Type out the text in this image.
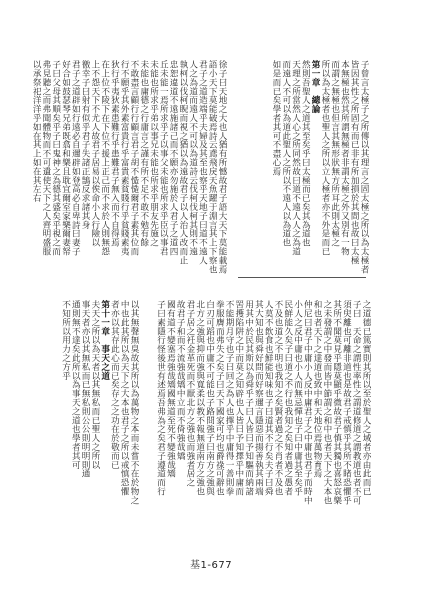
子曾言太極子之所傳以其理言之固太極之所以為太極者
皆因其性之所固有而已非有所加損於其間也故曰太極
本無極也然其所謂無極者非謂太極之外又別有一物
而謂之無極也但言其無形狀無方所耳此則太極之
所以為太極者也聖人之所以立人極者亦不外是而已
第一章　總論
然則吾聖人之道其至矣乎曰太極而已矣其為道也
天理之所當然人心之所同然故曰道不遠人人之為道
而遠人不可以為道此聖人之所以不遠人以為道也
如是而已矣學者其可不盡心焉
徐子曰天地之大也人猶有所憾故君子語大天下莫能載焉
語小天下莫能破焉詩云鳶飛戾天魚躍于淵言其上下察也
君子之道造端乎夫婦及其至也察乎天地子曰道不遠人
人之為道而遠人不可以為道詩云伐柯伐柯其則不遠
執柯以伐柯睨而視之猶以為遠故君子以人治人改而止
忠恕違道不遠施諸己而不願亦勿施於人君子之道四
丘未能一焉所求乎子以事父未能也所求乎臣以事君
未能也所求乎弟以事兄未能也所求乎朋友先施之
未能也庸德之行庸言之謹有所不足不敢不勉有餘
不敢盡言顧行行顧言君子胡不慥慥爾君子素其位而
行不願乎其外素富貴行乎富貴素貧賤行乎貧賤素夷
狄行乎夷狄素患難行乎患難君子無入而不自得焉
在上位不陵下在下位不援上正己而不求於人則無怨
上不怨天下不尤人故君子居易以俟命小人行險以
徼幸子曰射有似乎君子失諸正鵠反求諸其身
君子之道辟如行遠必自邇辟如登高必自卑詩曰妻子
好合如鼓瑟琴兄弟既翕和樂且耽宜爾室家樂爾妻帑
子曰父母其順矣乎子曰鬼神之為德其盛矣乎視之而
弗見聽之而弗聞體物而不可遺使天下之人齊明盛服
以承祭祀洋洋乎如在其上如在其左右
之道德已篤實則其所以至於聖人之域者亦由此而已
子曰　天命之謂性率性之謂道修道之謂教道也者不可
須臾離也可離非道也是故君子戒慎乎其所不睹恐懼乎
其所不聞莫見乎隱莫顯乎微故君子慎其獨也喜怒哀樂
之未發謂之中發而皆中節謂之和中也者天下之大本也
和也者天下之達道也致中和天地位焉萬物育焉
仲尼曰君子中庸小人反中庸君子之中庸也君子而時中
小人之反中庸也小人而無忌憚也子曰中庸其至矣乎
民鮮能久矣子曰道之不行也我知之矣知者過之愚者
不及也道之不明也我知之矣賢者過之不肖者不及也
人莫不飲食也鮮能知味也子曰道其不行矣夫子曰舜
其大知也與舜好問而好察邇言隱惡而揚善執其兩端
用其中於民其斯以為舜乎子曰人皆曰予知驅而納諸
罟擭陷阱之中而莫之知辟也人皆曰予知擇乎中庸而
不能期月守也子曰回之為人也擇乎中庸得一善則拳
拳服膺而弗失之矣子曰天下國家可均也爵祿可辭也
白刃可蹈也中庸不可能也子路問強子曰南方之強與
北方之強與抑而強與寬柔以教不報無道南方之強也
君子居之衽金革死而不厭北方之強也而強者居之
故君子和而不流強哉矯中立而不倚強哉矯
國有道不變塞焉強哉矯國無道至死不變強哉矯
子曰素隱行怪後世有述焉吾弗為之矣君子遵道而行
以其無聲無臭故其所以為萬物之本而未嘗不在於物之
中也此其所以為天下之大本也君子之所以戒慎恐懼
者亦以其存此心而已矣存之之功在於敬而已
第十一章　事天之道
夫天之所以為天者以其無私而已聖人之所以
事天者亦以其無私而已無私則公公則明明則通
通則無不達矣此所以為事天之道也學者其可
不知所以用力之方乎
基1-677
